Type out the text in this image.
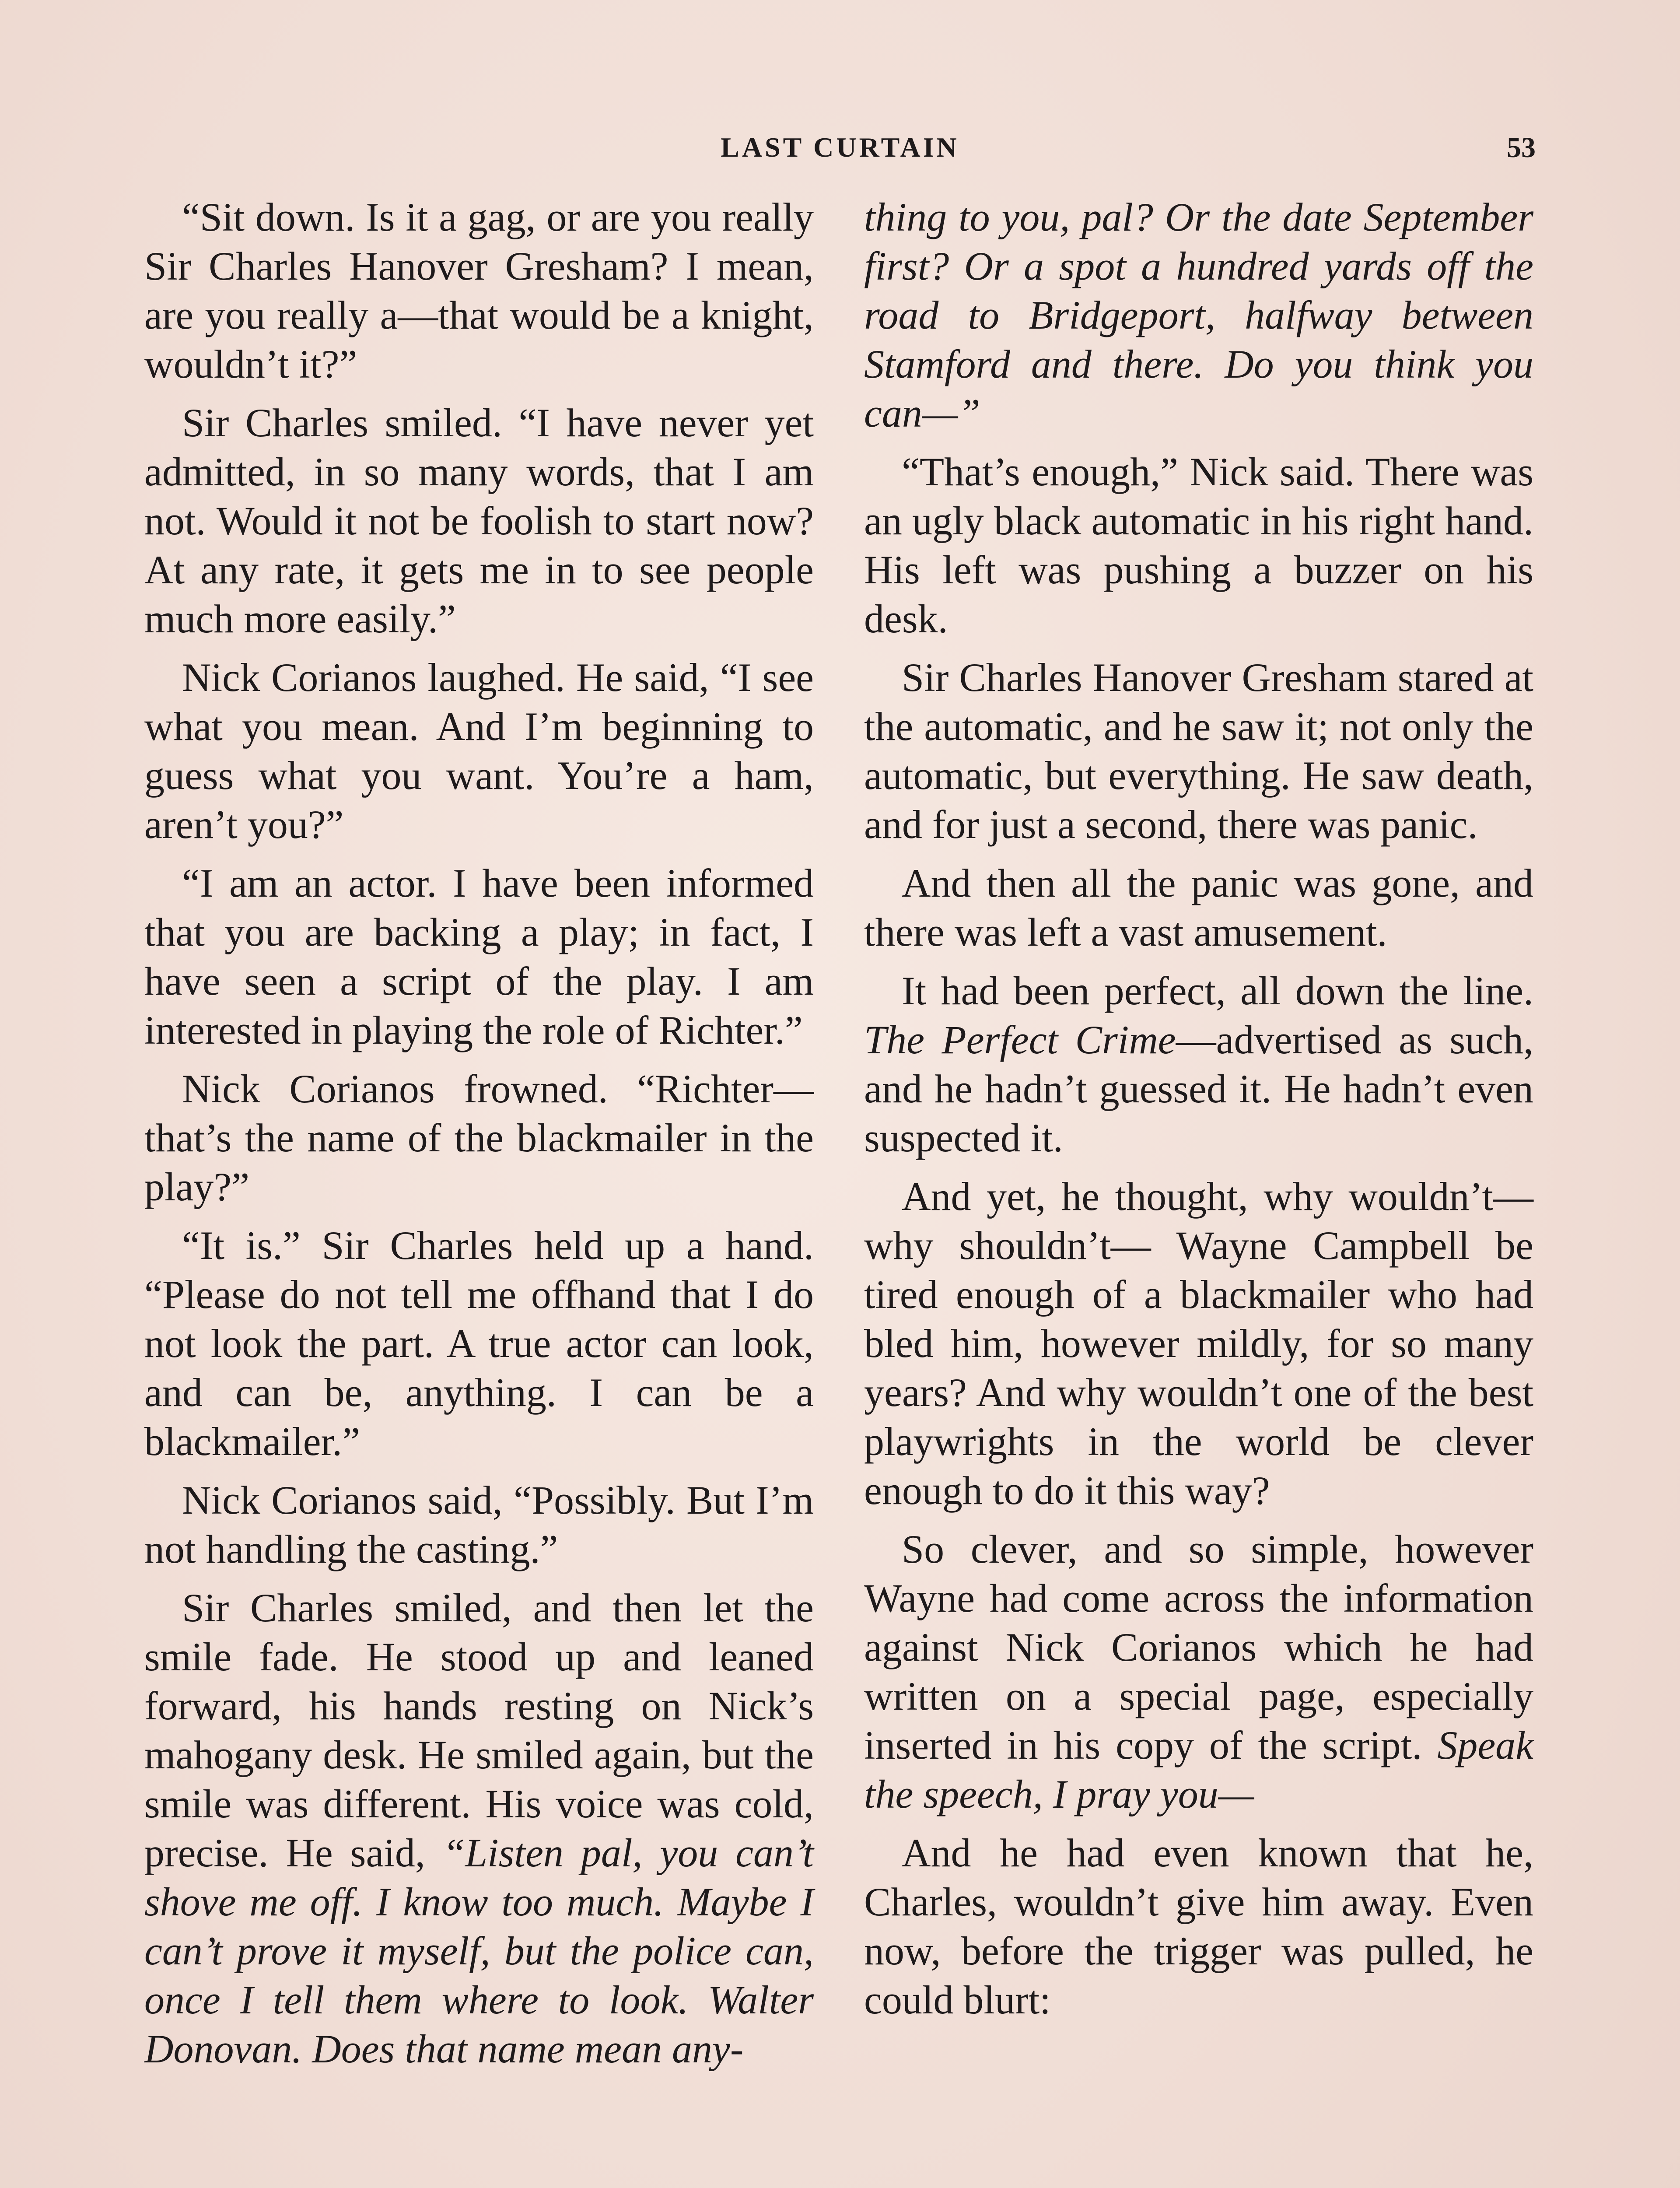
LAST CURTAIN	53

“Sit down. Is it a gag, or are you really Sir Charles Hanover Gresham? I mean, are you really a—that would be a knight, wouldn’t it?”

Sir Charles smiled. “I have never yet admitted, in so many words, that I am not. Would it not be foolish to start now? At any rate, it gets me in to see people much more easily.”

Nick Corianos laughed. He said, “I see what you mean. And I’m beginning to guess what you want. You’re a ham, aren’t you?”

“I am an actor. I have been informed that you are backing a play; in fact, I have seen a script of the play. I am interested in playing the role of Richter.”

Nick Corianos frowned. “Richter—that’s the name of the blackmailer in the play?”

“It is.” Sir Charles held up a hand. “Please do not tell me offhand that I do not look the part. A true actor can look, and can be, anything. I can be a blackmailer.”

Nick Corianos said, “Possibly. But I’m not handling the casting.”

Sir Charles smiled, and then let the smile fade. He stood up and leaned forward, his hands resting on Nick’s mahogany desk. He smiled again, but the smile was different. His voice was cold, precise. He said, “Listen pal, you can’t shove me off. I know too much. Maybe I can’t prove it myself, but the police can, once I tell them where to look. Walter Donovan. Does that name mean any-

thing to you, pal? Or the date September first? Or a spot a hundred yards off the road to Bridgeport, halfway between Stamford and there. Do you think you can—”

“That’s enough,” Nick said. There was an ugly black automatic in his right hand. His left was pushing a buzzer on his desk.

Sir Charles Hanover Gresham stared at the automatic, and he saw it; not only the automatic, but everything. He saw death, and for just a second, there was panic.

And then all the panic was gone, and there was left a vast amusement.

It had been perfect, all down the line. The Perfect Crime—advertised as such, and he hadn’t guessed it. He hadn’t even suspected it.

And yet, he thought, why wouldn’t—why shouldn’t— Wayne Campbell be tired enough of a blackmailer who had bled him, however mildly, for so many years? And why wouldn’t one of the best playwrights in the world be clever enough to do it this way?

So clever, and so simple, however Wayne had come across the information against Nick Corianos which he had written on a special page, especially inserted in his copy of the script. Speak the speech, I pray you—

And he had even known that he, Charles, wouldn’t give him away. Even now, before the trigger was pulled, he could blurt:
